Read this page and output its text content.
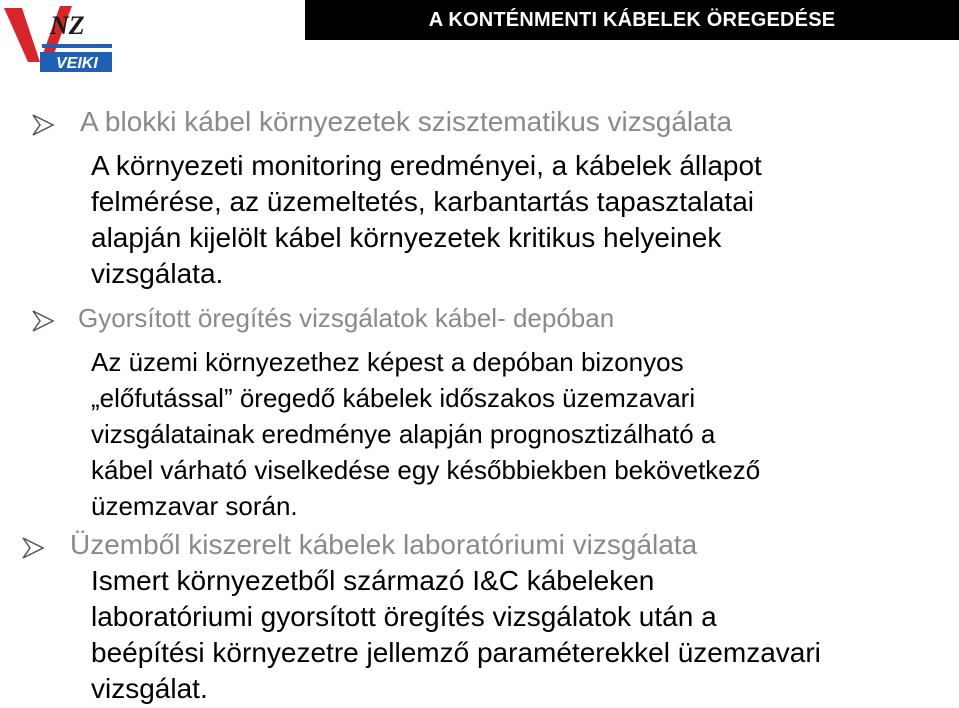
A KONTÉNMENTI KÁBELEK ÖREGEDÉSE
NZ
VEIKI
A blokki kábel környezetek szisztematikus vizsgálata
A környezeti monitoring eredményei, a kábelek állapot
felmérése, az üzemeltetés, karbantartás tapasztalatai
alapján kijelölt kábel környezetek kritikus helyeinek
vizsgálata.
Gyorsított öregítés vizsgálatok kábel- depóban
Az üzemi környezethez képest a depóban bizonyos
„előfutással” öregedő kábelek időszakos üzemzavari
vizsgálatainak eredménye alapján prognosztizálható a
kábel várható viselkedése egy későbbiekben bekövetkező
üzemzavar során.
Üzemből kiszerelt kábelek laboratóriumi vizsgálata
Ismert környezetből származó I&C kábeleken
laboratóriumi gyorsított öregítés vizsgálatok után a
beépítési környezetre jellemző paraméterekkel üzemzavari
vizsgálat.
